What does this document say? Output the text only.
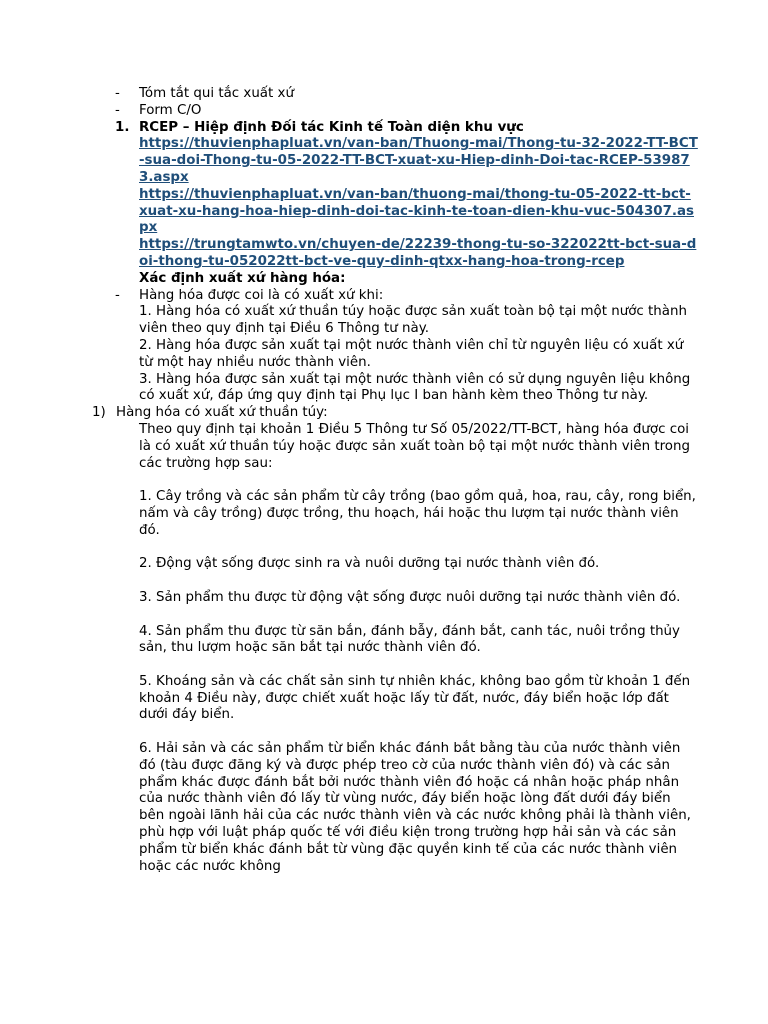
- Tóm tắt qui tắc xuất xứ
- Form C/O
1. RCEP – Hiệp định Đối tác Kinh tế Toàn diện khu vực
https://thuvienphapluat.vn/van-ban/Thuong-mai/Thong-tu-32-2022-TT-BCT-sua-doi-Thong-tu-05-2022-TT-BCT-xuat-xu-Hiep-dinh-Doi-tac-RCEP-539873.aspx
https://thuvienphapluat.vn/van-ban/thuong-mai/thong-tu-05-2022-tt-bct-xuat-xu-hang-hoa-hiep-dinh-doi-tac-kinh-te-toan-dien-khu-vuc-504307.aspx
https://trungtamwto.vn/chuyen-de/22239-thong-tu-so-322022tt-bct-sua-doi-thong-tu-052022tt-bct-ve-quy-dinh-qtxx-hang-hoa-trong-rcep
Xác định xuất xứ hàng hóa:
- Hàng hóa được coi là có xuất xứ khi:
1. Hàng hóa có xuất xứ thuần túy hoặc được sản xuất toàn bộ tại một nước thành viên theo quy định tại Điều 6 Thông tư này.
2. Hàng hóa được sản xuất tại một nước thành viên chỉ từ nguyên liệu có xuất xứ từ một hay nhiều nước thành viên.
3. Hàng hóa được sản xuất tại một nước thành viên có sử dụng nguyên liệu không có xuất xứ, đáp ứng quy định tại Phụ lục I ban hành kèm theo Thông tư này.
1) Hàng hóa có xuất xứ thuần túy:
Theo quy định tại khoản 1 Điều 5 Thông tư Số 05/2022/TT-BCT, hàng hóa được coi là có xuất xứ thuần túy hoặc được sản xuất toàn bộ tại một nước thành viên trong các trường hợp sau:
1. Cây trồng và các sản phẩm từ cây trồng (bao gồm quả, hoa, rau, cây, rong biển, nấm và cây trồng) được trồng, thu hoạch, hái hoặc thu lượm tại nước thành viên đó.
2. Động vật sống được sinh ra và nuôi dưỡng tại nước thành viên đó.
3. Sản phẩm thu được từ động vật sống được nuôi dưỡng tại nước thành viên đó.
4. Sản phẩm thu được từ săn bắn, đánh bẫy, đánh bắt, canh tác, nuôi trồng thủy sản, thu lượm hoặc săn bắt tại nước thành viên đó.
5. Khoáng sản và các chất sản sinh tự nhiên khác, không bao gồm từ khoản 1 đến khoản 4 Điều này, được chiết xuất hoặc lấy từ đất, nước, đáy biển hoặc lớp đất dưới đáy biển.
6. Hải sản và các sản phẩm từ biển khác đánh bắt bằng tàu của nước thành viên đó (tàu được đăng ký và được phép treo cờ của nước thành viên đó) và các sản phẩm khác được đánh bắt bởi nước thành viên đó hoặc cá nhân hoặc pháp nhân của nước thành viên đó lấy từ vùng nước, đáy biển hoặc lòng đất dưới đáy biển bên ngoài lãnh hải của các nước thành viên và các nước không phải là thành viên, phù hợp với luật pháp quốc tế với điều kiện trong trường hợp hải sản và các sản phẩm từ biển khác đánh bắt từ vùng đặc quyền kinh tế của các nước thành viên hoặc các nước không
